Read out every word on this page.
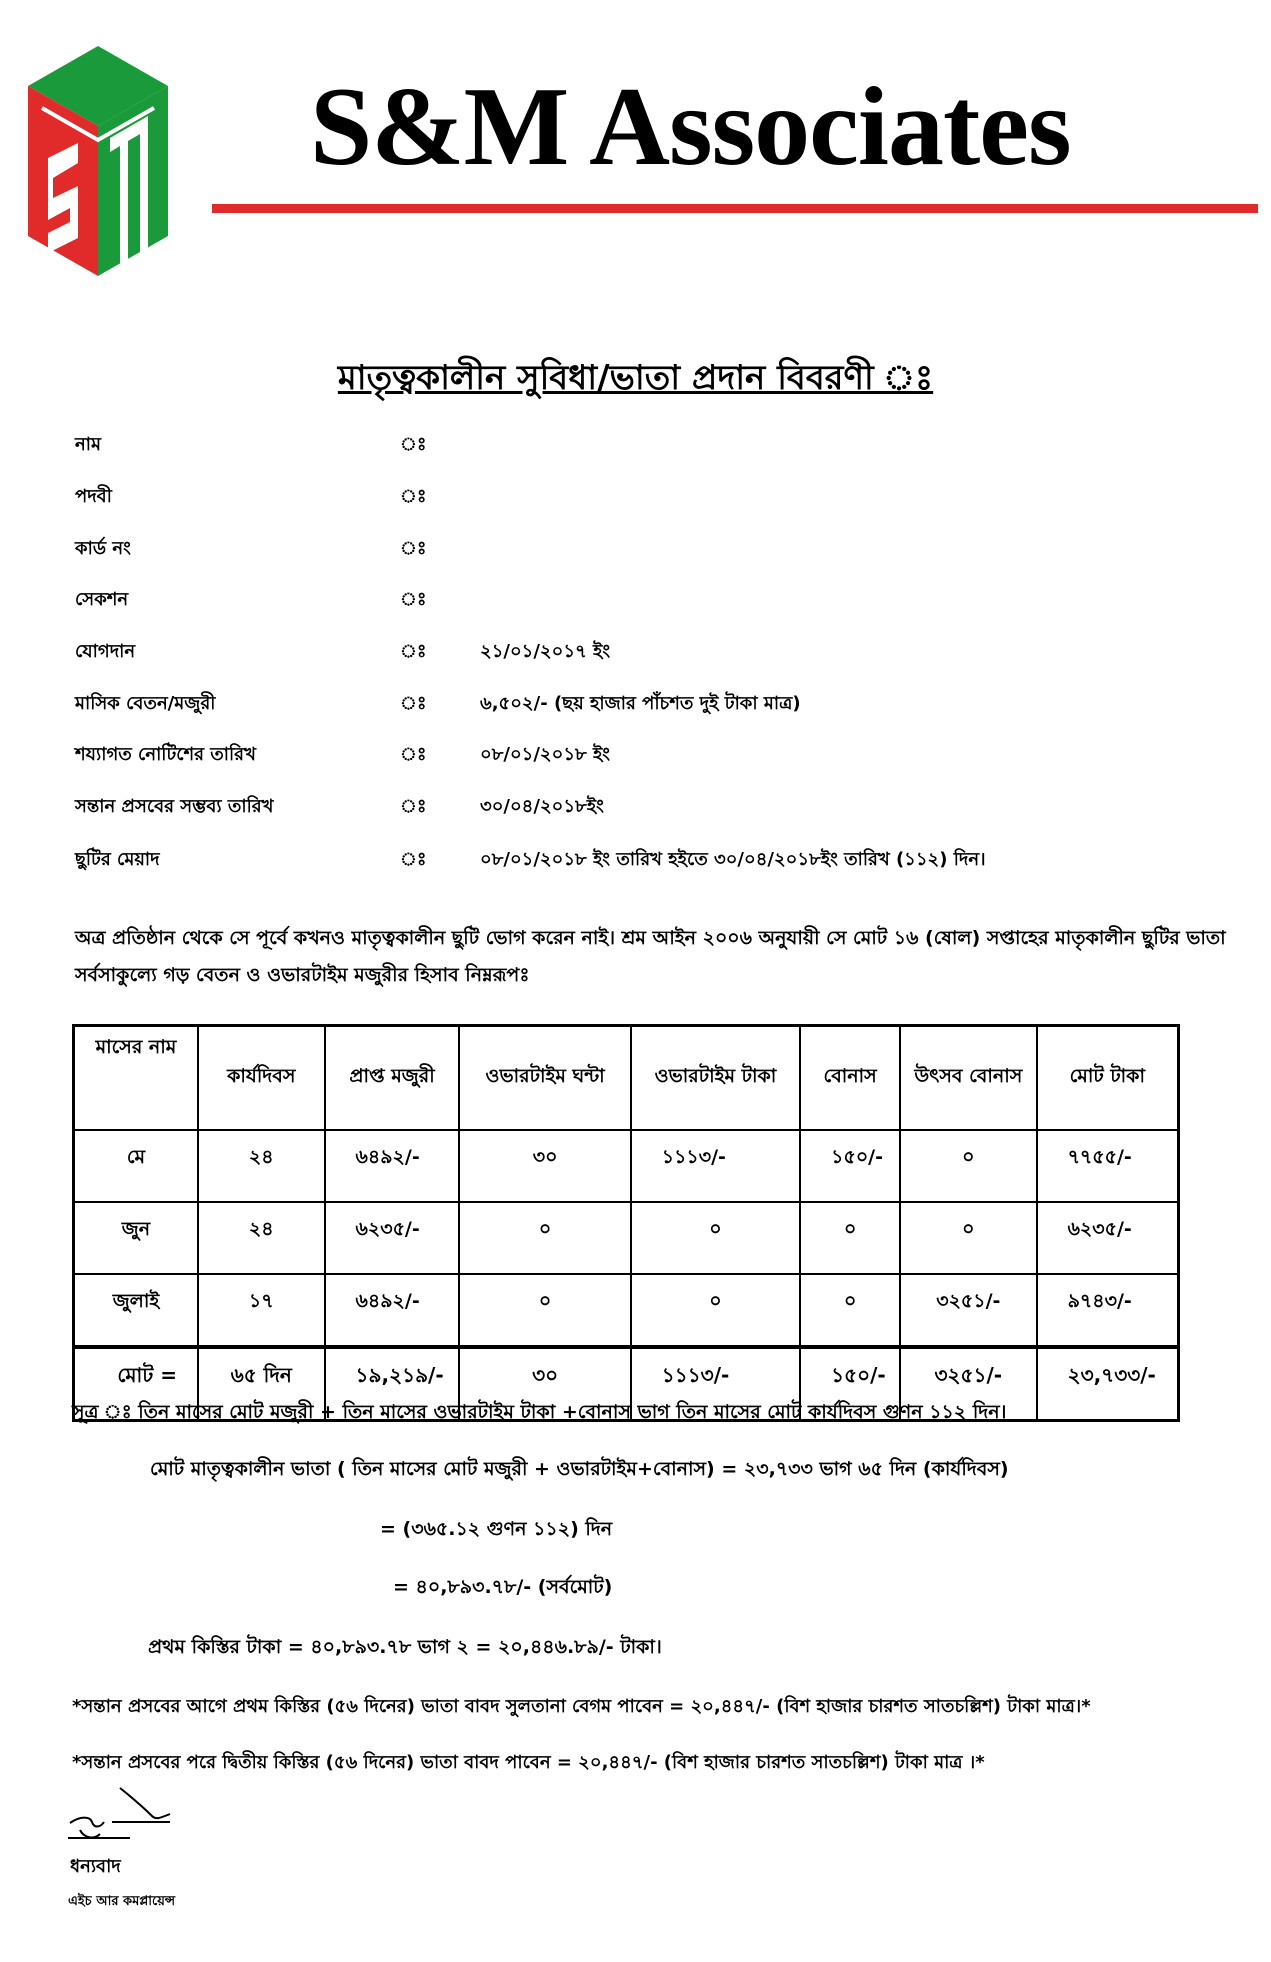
S&M Associates
মাতৃত্বকালীন সুবিধা/ভাতা প্রদান বিবরণী ঃ
নাম	ঃ
পদবী	ঃ
কার্ড নং	ঃ
সেকশন	ঃ
যোগদান	ঃ	২১/০১/২০১৭ ইং
মাসিক বেতন/মজুরী	ঃ	৬,৫০২/- (ছয় হাজার পাঁচশত দুই টাকা মাত্র)
শয্যাগত নোটিশের তারিখ	ঃ	০৮/০১/২০১৮ ইং
সন্তান প্রসবের সম্ভব্য তারিখ	ঃ	৩০/০৪/২০১৮ইং
ছুটির মেয়াদ	ঃ	০৮/০১/২০১৮ ইং তারিখ হইতে ৩০/০৪/২০১৮ইং তারিখ (১১২) দিন।
অত্র প্রতিষ্ঠান থেকে সে পূর্বে কখনও মাতৃত্বকালীন ছুটি ভোগ করেন নাই। শ্রম আইন ২০০৬ অনুযায়ী সে মোট ১৬ (ষোল) সপ্তাহের মাতৃকালীন ছুটির ভাতা সর্বসাকুল্যে গড় বেতন ও ওভারটাইম মজুরীর হিসাব নিম্নরূপঃ
মাসের নাম	কার্যদিবস	প্রাপ্ত মজুরী	ওভারটাইম ঘন্টা	ওভারটাইম টাকা	বোনাস	উৎসব বোনাস	মোট টাকা
মে	২৪	৬৪৯২/-	৩০	১১১৩/-	১৫০/-	০	৭৭৫৫/-
জুন	২৪	৬২৩৫/-	০	০	০	০	৬২৩৫/-
জুলাই	১৭	৬৪৯২/-	০	০	০	৩২৫১/-	৯৭৪৩/-
মোট =	৬৫ দিন	১৯,২১৯/-	৩০	১১১৩/-	১৫০/-	৩২৫১/-	২৩,৭৩৩/-
সূত্র ঃ তিন মাসের মোট মজুরী + তিন মাসের ওভারটাইম টাকা +বোনাস ভাগ তিন মাসের মোট কার্যদিবস গুণন ১১২ দিন।
মোট মাতৃত্বকালীন ভাতা ( তিন মাসের মোট মজুরী + ওভারটাইম+বোনাস) = ২৩,৭৩৩ ভাগ ৬৫ দিন (কার্যদিবস)
= (৩৬৫.১২ গুণন ১১২) দিন
= ৪০,৮৯৩.৭৮/- (সর্বমোট)
প্রথম কিস্তির টাকা = ৪০,৮৯৩.৭৮ ভাগ ২ = ২০,৪৪৬.৮৯/- টাকা।
*সন্তান প্রসবের আগে প্রথম কিস্তির (৫৬ দিনের) ভাতা বাবদ সুলতানা বেগম পাবেন = ২০,৪৪৭/- (বিশ হাজার চারশত সাতচল্লিশ) টাকা মাত্র।*
*সন্তান প্রসবের পরে দ্বিতীয় কিস্তির (৫৬ দিনের) ভাতা বাবদ পাবেন = ২০,৪৪৭/- (বিশ হাজার চারশত সাতচল্লিশ) টাকা মাত্র ।*
ধন্যবাদ
এইচ আর কমপ্লায়েন্স
